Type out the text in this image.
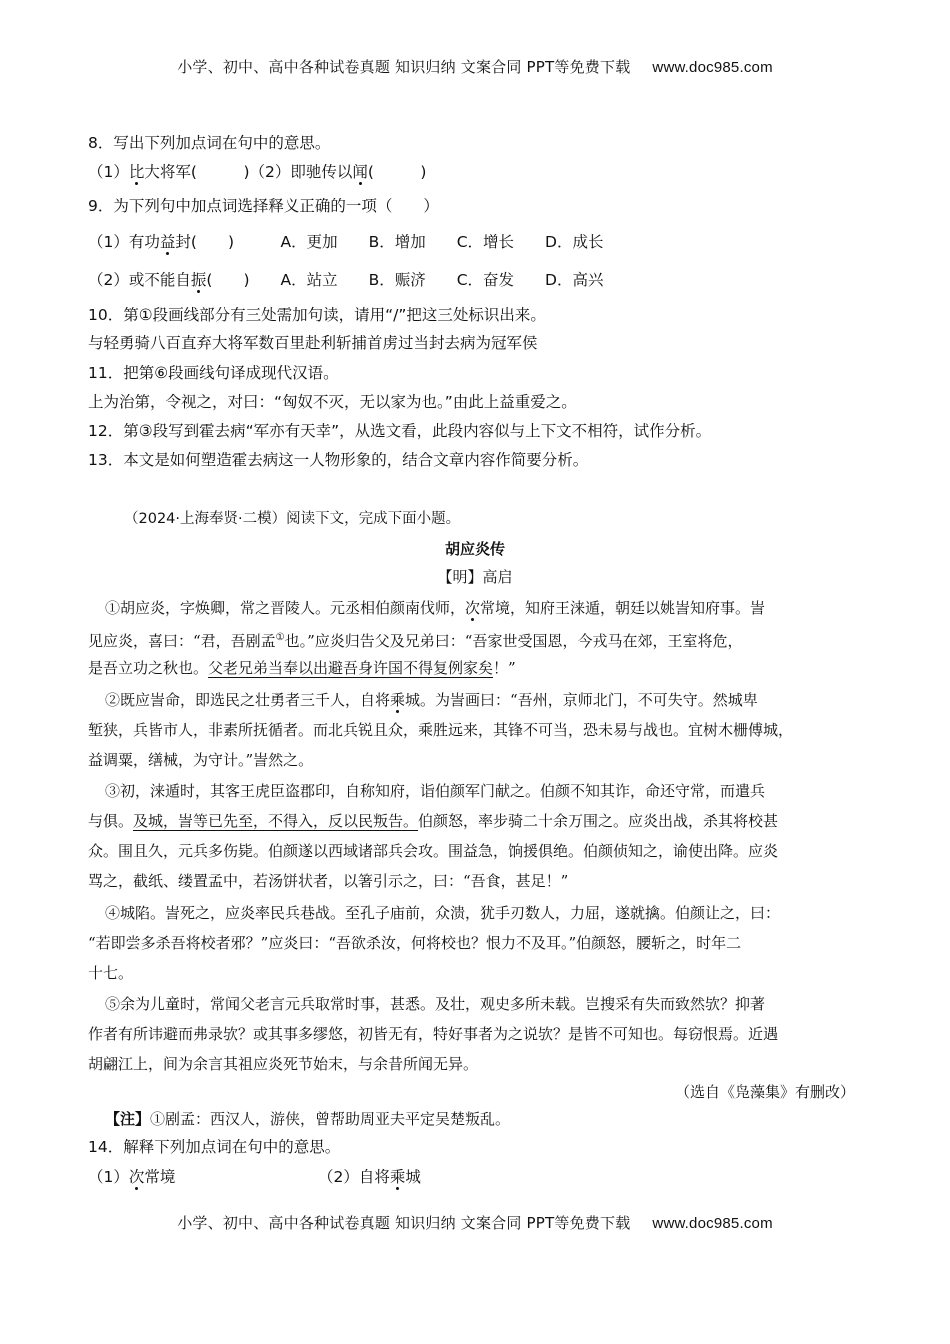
小学、初中、高中各种试卷真题 知识归纳 文案合同 PPT等免费下载 www.doc985.com
8．写出下列加点词在句中的意思。
（1）比大将军(　　　)（2）即驰传以闻(　　　)
9．为下列句中加点词选择释义正确的一项（　　）
（1）有功益封(　　)　　　A．更加　　B．增加　　C．增长　　D．成长
（2）或不能自振(　　)　　A．站立　　B．赈济　　C．奋发　　D．高兴
10．第①段画线部分有三处需加句读，请用“/”把这三处标识出来。
与轻勇骑八百直弃大将军数百里赴利斩捕首虏过当封去病为冠军侯
11．把第⑥段画线句译成现代汉语。
上为治第，令视之，对曰：“匈奴不灭，无以家为也。”由此上益重爱之。
12．第③段写到霍去病“军亦有天幸”，从选文看，此段内容似与上下文不相符，试作分析。
13．本文是如何塑造霍去病这一人物形象的，结合文章内容作简要分析。
（2024·上海奉贤·二模）阅读下文，完成下面小题。
胡应炎传
【明】高启
①胡应炎，字焕卿，常之晋陵人。元丞相伯颜南伐师，次常境，知府王涞遁，朝廷以姚訔知府事。訔
见应炎，喜曰：“君，吾剧孟①也。”应炎归告父及兄弟曰：“吾家世受国恩，今戎马在郊，王室将危，
是吾立功之秋也。父老兄弟当奉以出避吾身许国不得复例家矣！”
②既应訔命，即选民之壮勇者三千人，自将乘城。为訔画曰：“吾州，京师北门，不可失守。然城卑
堑狭，兵皆市人，非素所抚循者。而北兵锐且众，乘胜远来，其锋不可当，恐未易与战也。宜树木栅傅城，
益调粟，缮械，为守计。”訔然之。
③初，涞遁时，其客王虎臣盗郡印，自称知府，诣伯颜军门献之。伯颜不知其诈，命还守常，而遣兵
与俱。及城，訔等已先至，不得入，反以民叛告。伯颜怒，率步骑二十余万围之。应炎出战，杀其将校甚
众。围且久，元兵多伤毙。伯颜遂以西域诸部兵会攻。围益急，饷援俱绝。伯颜侦知之，谕使出降。应炎
骂之，截纸、缕置孟中，若汤饼状者，以箸引示之，曰：“吾食，甚足！”
④城陷。訔死之，应炎率民兵巷战。至孔子庙前，众溃，犹手刃数人，力屈，遂就擒。伯颜让之，曰：
“若即尝多杀吾将校者邪？”应炎曰：“吾欲杀汝，何将校也？恨力不及耳。”伯颜怒，腰斩之，时年二
十七。
⑤余为儿童时，常闻父老言元兵取常时事，甚悉。及壮，观史多所未载。岂搜采有失而致然欤？抑著
作者有所讳避而弗录欤？或其事多缪悠，初皆无有，特好事者为之说欤？是皆不可知也。每窃恨焉。近遇
胡翩江上，间为余言其祖应炎死节始末，与余昔所闻无异。
（选自《凫藻集》有删改）
【注】①剧孟：西汉人，游侠，曾帮助周亚夫平定吴楚叛乱。
14．解释下列加点词在句中的意思。
（1）次常境	（2）自将乘城
小学、初中、高中各种试卷真题 知识归纳 文案合同 PPT等免费下载 www.doc985.com
